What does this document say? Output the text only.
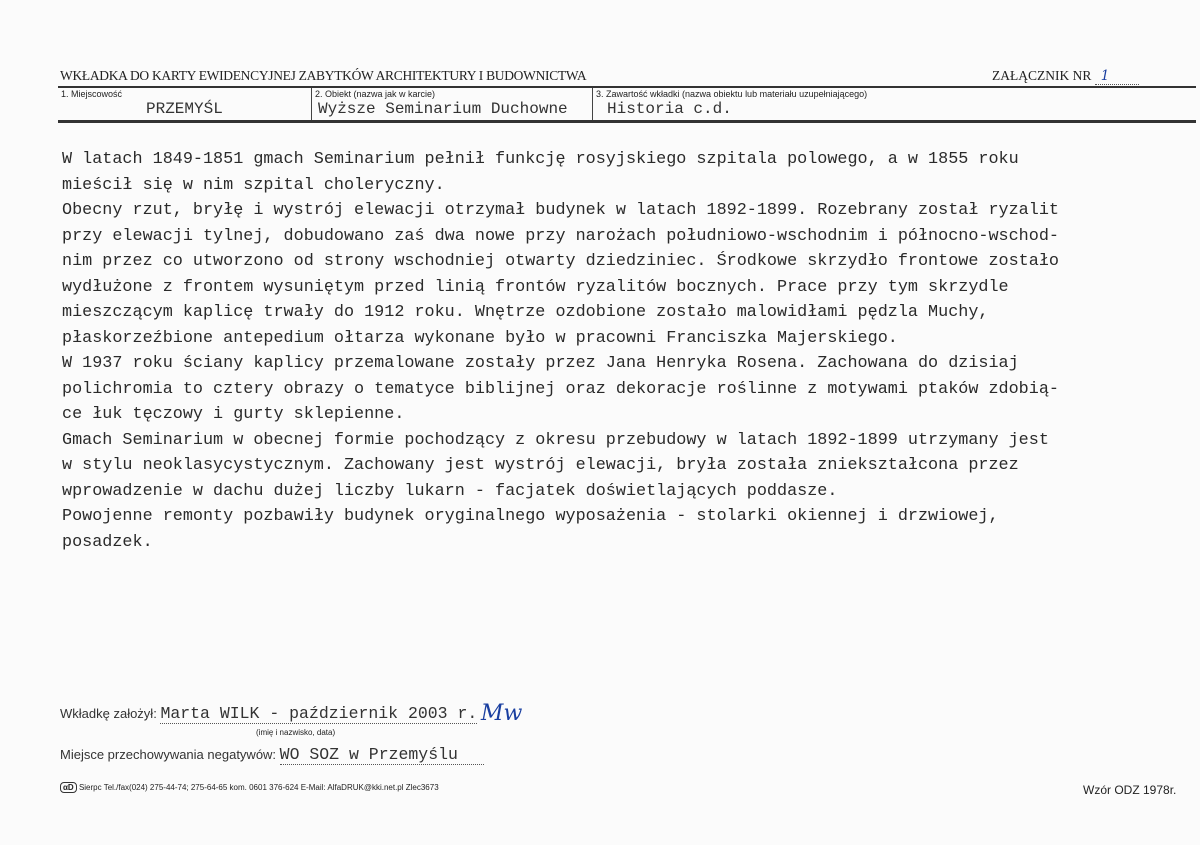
WKŁADKA DO KARTY EWIDENCYJNEJ ZABYTKÓW ARCHITEKTURY I BUDOWNICTWA	ZAŁĄCZNIK NR 1
1. Miejscowość
PRZEMYŚL
2. Obiekt (nazwa jak w karcie)
Wyższe Seminarium Duchowne
3. Zawartość wkładki (nazwa obiektu lub materiału uzupełniającego)
Historia c.d.
W latach 1849-1851 gmach Seminarium pełnił funkcję rosyjskiego szpitala polowego, a w 1855 roku
mieścił się w nim szpital choleryczny.
Obecny rzut, bryłę i wystrój elewacji otrzymał budynek w latach 1892-1899. Rozebrany został ryzalit
przy elewacji tylnej, dobudowano zaś dwa nowe przy narożach południowo-wschodnim i północno-wschod-
nim przez co utworzono od strony wschodniej otwarty dziedziniec. Środkowe skrzydło frontowe zostało
wydłużone z frontem wysuniętym przed linią frontów ryzalitów bocznych. Prace przy tym skrzydle
mieszczącym kaplicę trwały do 1912 roku. Wnętrze ozdobione zostało malowidłami pędzla Muchy,
płaskorzeźbione antepedium ołtarza wykonane było w pracowni Franciszka Majerskiego.
W 1937 roku ściany kaplicy przemalowane zostały przez Jana Henryka Rosena. Zachowana do dzisiaj
polichromia to cztery obrazy o tematyce biblijnej oraz dekoracje roślinne z motywami ptaków zdobią-
ce łuk tęczowy i gurty sklepienne.
Gmach Seminarium w obecnej formie pochodzący z okresu przebudowy w latach 1892-1899 utrzymany jest
w stylu neoklasycystycznym. Zachowany jest wystrój elewacji, bryła została zniekształcona przez
wprowadzenie w dachu dużej liczby lukarn - facjatek doświetlających poddasze.
Powojenne remonty pozbawiły budynek oryginalnego wyposażenia - stolarki okiennej i drzwiowej,
posadzek.
Wkładkę założył: Marta WILK - październik 2003 r. Mw
(imię i nazwisko, data)
Miejsce przechowywania negatywów: WO SOZ w Przemyślu
αD Sierpc Tel./fax(024) 275-44-74; 275-64-65 kom. 0601 376-624 E-Mail: AlfaDRUK@kki.net.pl Zlec3673	Wzór ODZ 1978r.
